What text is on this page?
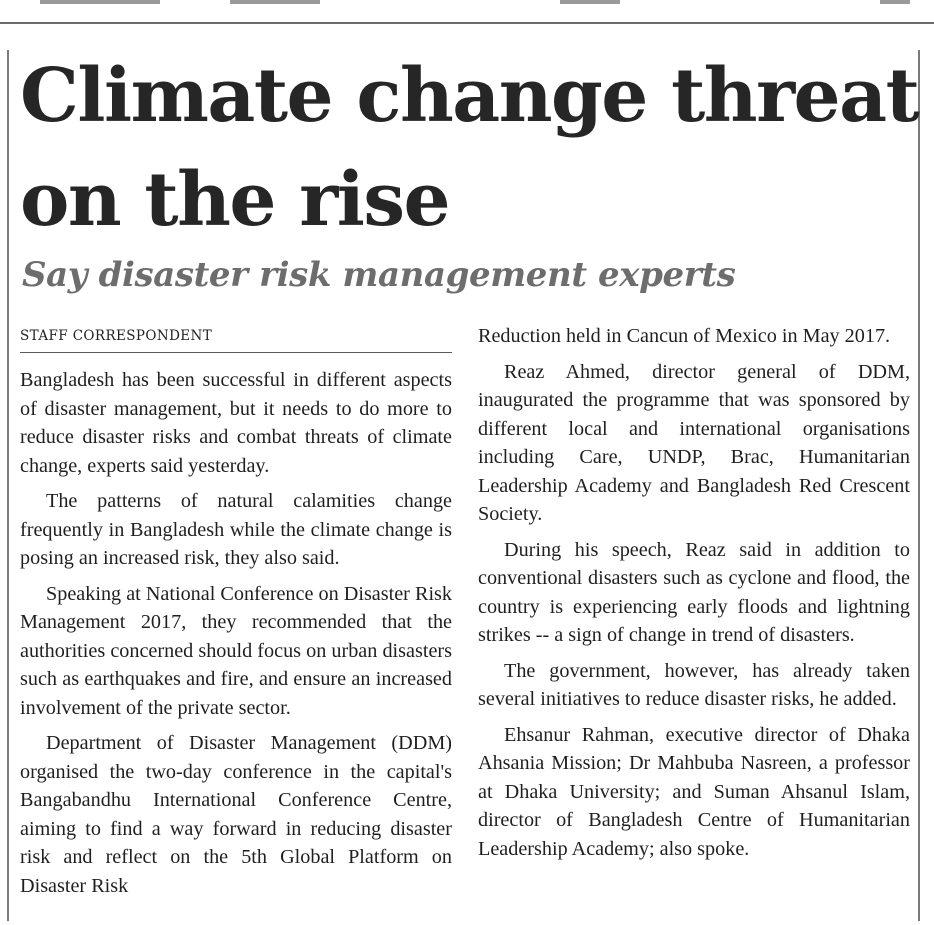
Climate change threat
on the rise
Say disaster risk management experts
STAFF CORRESPONDENT

Bangladesh has been successful in different aspects of disaster management, but it needs to do more to reduce disaster risks and combat threats of climate change, experts said yesterday.

The patterns of natural calamities change frequently in Bangladesh while the climate change is posing an increased risk, they also said.

Speaking at National Conference on Disaster Risk Management 2017, they recommended that the authorities concerned should focus on urban disasters such as earthquakes and fire, and ensure an increased involvement of the private sector.

Department of Disaster Management (DDM) organised the two-day conference in the capital's Bangabandhu International Conference Centre, aiming to find a way forward in reducing disaster risk and reflect on the 5th Global Platform on Disaster Risk

Reduction held in Cancun of Mexico in May 2017.

Reaz Ahmed, director general of DDM, inaugurated the programme that was sponsored by different local and international organisations including Care, UNDP, Brac, Humanitarian Leadership Academy and Bangladesh Red Crescent Society.

During his speech, Reaz said in addition to conventional disasters such as cyclone and flood, the country is experiencing early floods and lightning strikes -- a sign of change in trend of disasters.

The government, however, has already taken several initiatives to reduce disaster risks, he added.

Ehsanur Rahman, executive director of Dhaka Ahsania Mission; Dr Mahbuba Nasreen, a professor at Dhaka University; and Suman Ahsanul Islam, director of Bangladesh Centre of Humanitarian Leadership Academy; also spoke.
